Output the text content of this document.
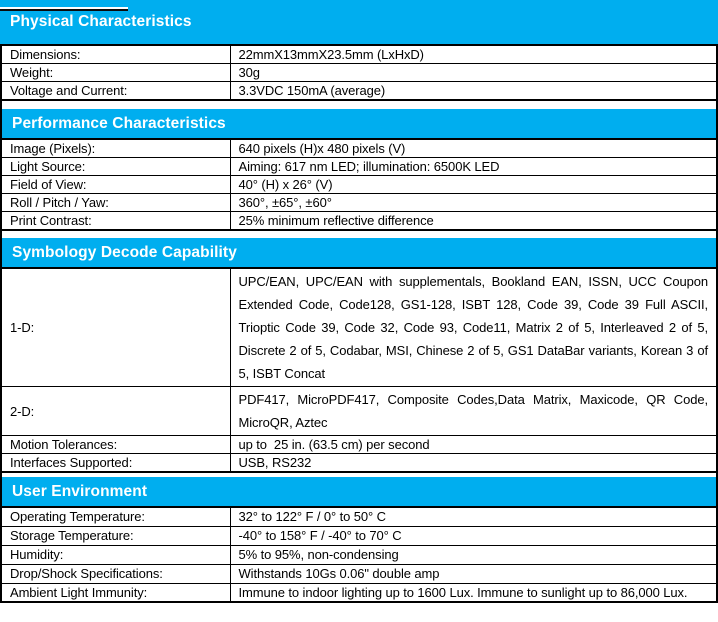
Physical Characteristics
Dimensions:	22mmX13mmX23.5mm (LxHxD)
Weight:	30g
Voltage and Current:	3.3VDC 150mA (average)
Performance Characteristics
Image (Pixels):	640 pixels (H)x 480 pixels (V)
Light Source:	Aiming: 617 nm LED; illumination: 6500K LED
Field of View:	40° (H) x 26° (V)
Roll / Pitch / Yaw:	360°, ±65°, ±60°
Print Contrast:	25% minimum reflective difference
Symbology Decode Capability
1-D:	UPC/EAN, UPC/EAN with supplementals, Bookland EAN, ISSN, UCC Coupon Extended Code, Code128, GS1-128, ISBT 128, Code 39, Code 39 Full ASCII, Trioptic Code 39, Code 32, Code 93, Code11, Matrix 2 of 5, Interleaved 2 of 5, Discrete 2 of 5, Codabar, MSI, Chinese 2 of 5, GS1 DataBar variants, Korean 3 of 5, ISBT Concat
2-D:	PDF417, MicroPDF417, Composite Codes,Data Matrix, Maxicode, QR Code, MicroQR, Aztec
Motion Tolerances:	up to  25 in. (63.5 cm) per second
Interfaces Supported:	USB, RS232
User Environment
Operating Temperature:	32° to 122° F / 0° to 50° C
Storage Temperature:	-40° to 158° F / -40° to 70° C
Humidity:	5% to 95%, non-condensing
Drop/Shock Specifications:	Withstands 10Gs 0.06" double amp
Ambient Light Immunity:	Immune to indoor lighting up to 1600 Lux. Immune to sunlight up to 86,000 Lux.
